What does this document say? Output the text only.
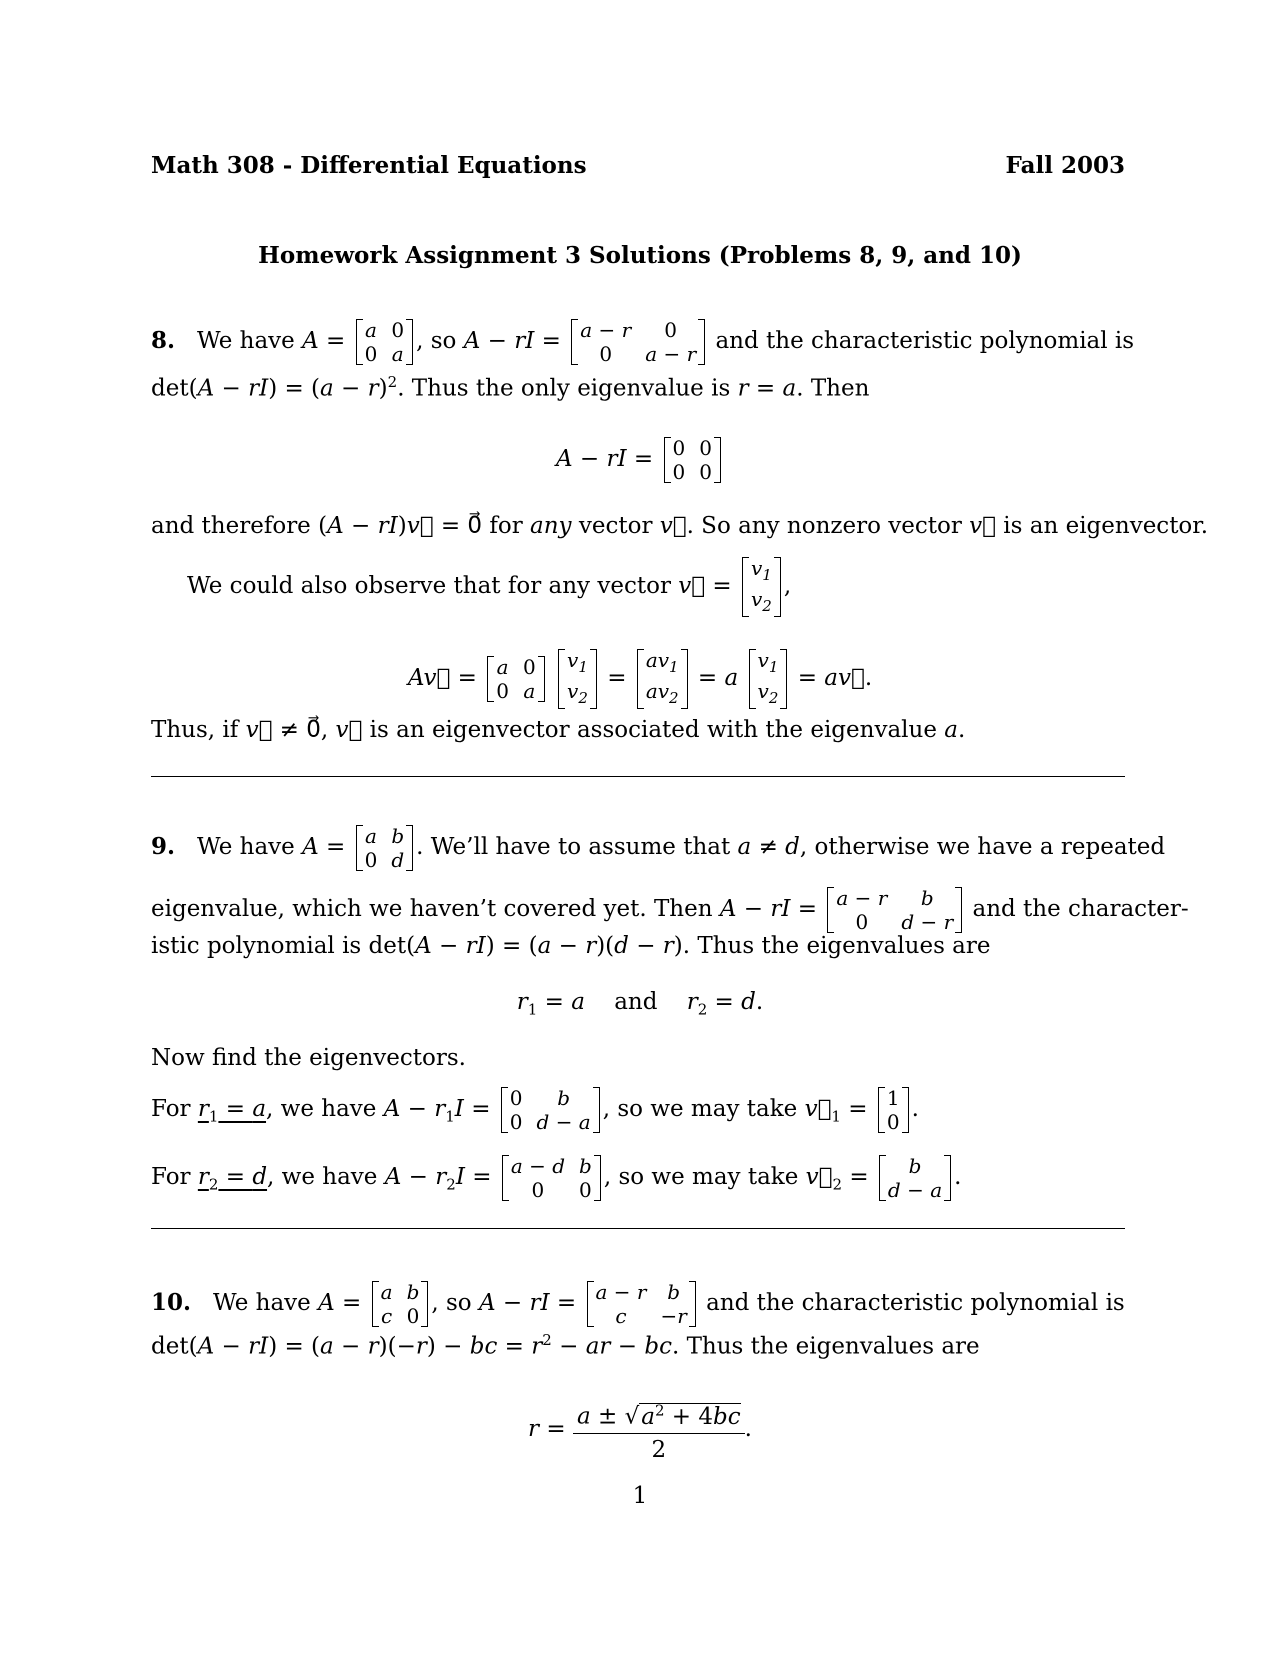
Math 308 - Differential Equations	Fall 2003
Homework Assignment 3 Solutions (Problems 8, 9, and 10)
8. We have A = a 0
0 a , so A − rI = a − r	0
0	a − r and the characteristic polynomial is
$\det(A - rI) = (a - r)^2$. Thus the only eigenvalue is r = a. Then
A − rI = 0 0
0 0
and therefore (A − rI)v⃗ = 0⃗ for any vector v⃗. So any nonzero vector v⃗ is an eigenvector.
We could also observe that for any vector v⃗ =
$v_1$
$v_2$
,
Av⃗ = a 0
0 a

$v_1$
$v_2$
=
$av_1$
$av_2$
= a
$v_1$
$v_2$
= av⃗.
Thus, if v⃗ ≠ 0⃗, v⃗ is an eigenvector associated with the eigenvalue a.
9. We have A = a b
0 d . We’ll have to assume that a ≠ d, otherwise we have a repeated
eigenvalue, which we haven’t covered yet. Then A − rI = a − r	b
0	d − r and the character-
istic polynomial is det(A − rI) = (a − r)(d − r). Thus the eigenvalues are
$r_1 = a$ and $r_2 = d$.
Now find the eigenvectors.
For $r_1 = a$, we have $A - r_1I = 0$	b
0 d − a , so we may take $v⃗_1 = 1$
0 .
For $r_2 = d$, we have $A - r_2I = a - d$ b
0	0 , so we may take $v⃗_2$ =	b
d − a .
10. We have A = a b
c 0 , so A − rI = a − r	b
c	−r and the characteristic polynomial is
det(A − rI) = (a − r)(−r) − bc = $r^2$ − ar − bc. Thus the eigenvalues are
$r = \frac{a \pm √a^2 + 4bc}{2}$ .
1
